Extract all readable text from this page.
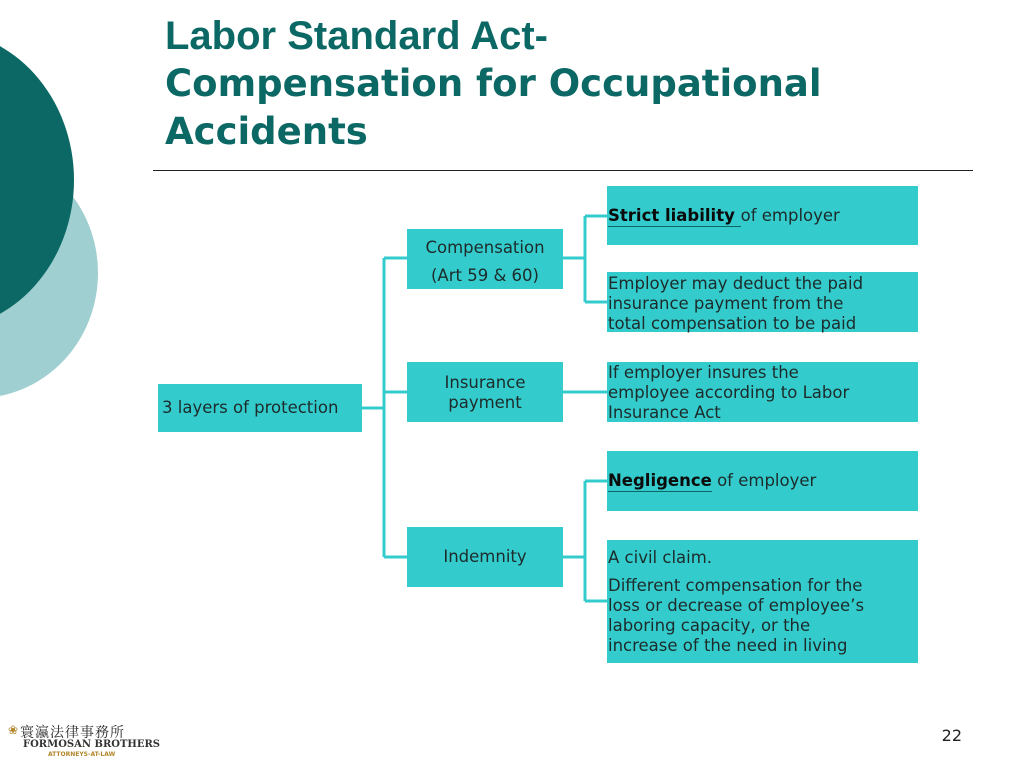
Labor Standard Act-
Compensation for Occupational
Accidents
3 layers of protection
Compensation
(Art 59 & 60)
Insurance
payment
Indemnity
Strict liability of employer
Employer may deduct the paid
insurance payment from the
total compensation to be paid
If employer insures the
employee according to Labor
Insurance Act
Negligence of employer
A civil claim.
Different compensation for the
loss or decrease of employee’s
laboring capacity, or the
increase of the need in living
❀ 寰瀛法律事務所
FORMOSAN BROTHERS
ATTORNEYS-AT-LAW
22
